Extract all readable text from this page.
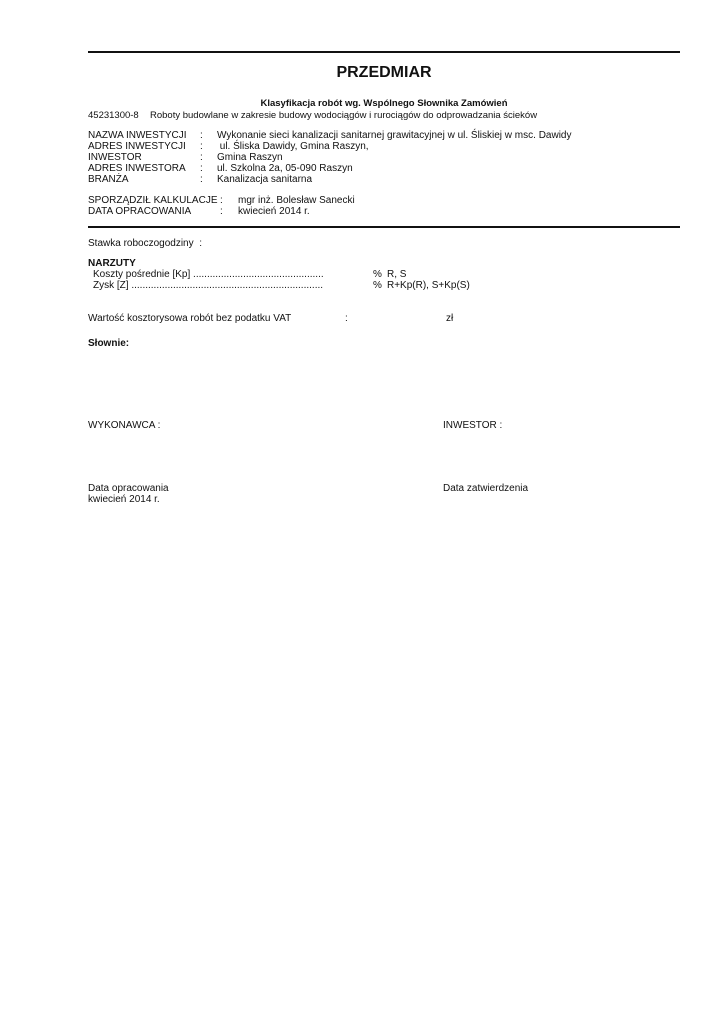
PRZEDMIAR
Klasyfikacja robót wg. Wspólnego Słownika Zamówień
45231300-8 Roboty budowlane w zakresie budowy wodociągów i rurociągów do odprowadzania ścieków
NAZWA INWESTYCJI : Wykonanie sieci kanalizacji sanitarnej grawitacyjnej w ul. Śliskiej w msc. Dawidy
ADRES INWESTYCJI : ul. Śliska Dawidy, Gmina Raszyn,
INWESTOR	: Gmina Raszyn
ADRES INWESTORA : ul. Szkolna 2a, 05-090 Raszyn
BRANŻA	: Kanalizacja sanitarna
SPORZĄDZIŁ KALKULACJE : mgr inż. Bolesław Sanecki
DATA OPRACOWANIA	: kwiecień 2014 r.
Stawka roboczogodziny :
NARZUTY
Koszty pośrednie [Kp] ...............................................	% R, S
Zysk [Z] .....................................................................	% R+Kp(R), S+Kp(S)
Wartość kosztorysowa robót bez podatku VAT	:	zł
Słownie:
WYKONAWCA :	INWESTOR :
Data opracowania
kwiecień 2014 r.
Data zatwierdzenia
